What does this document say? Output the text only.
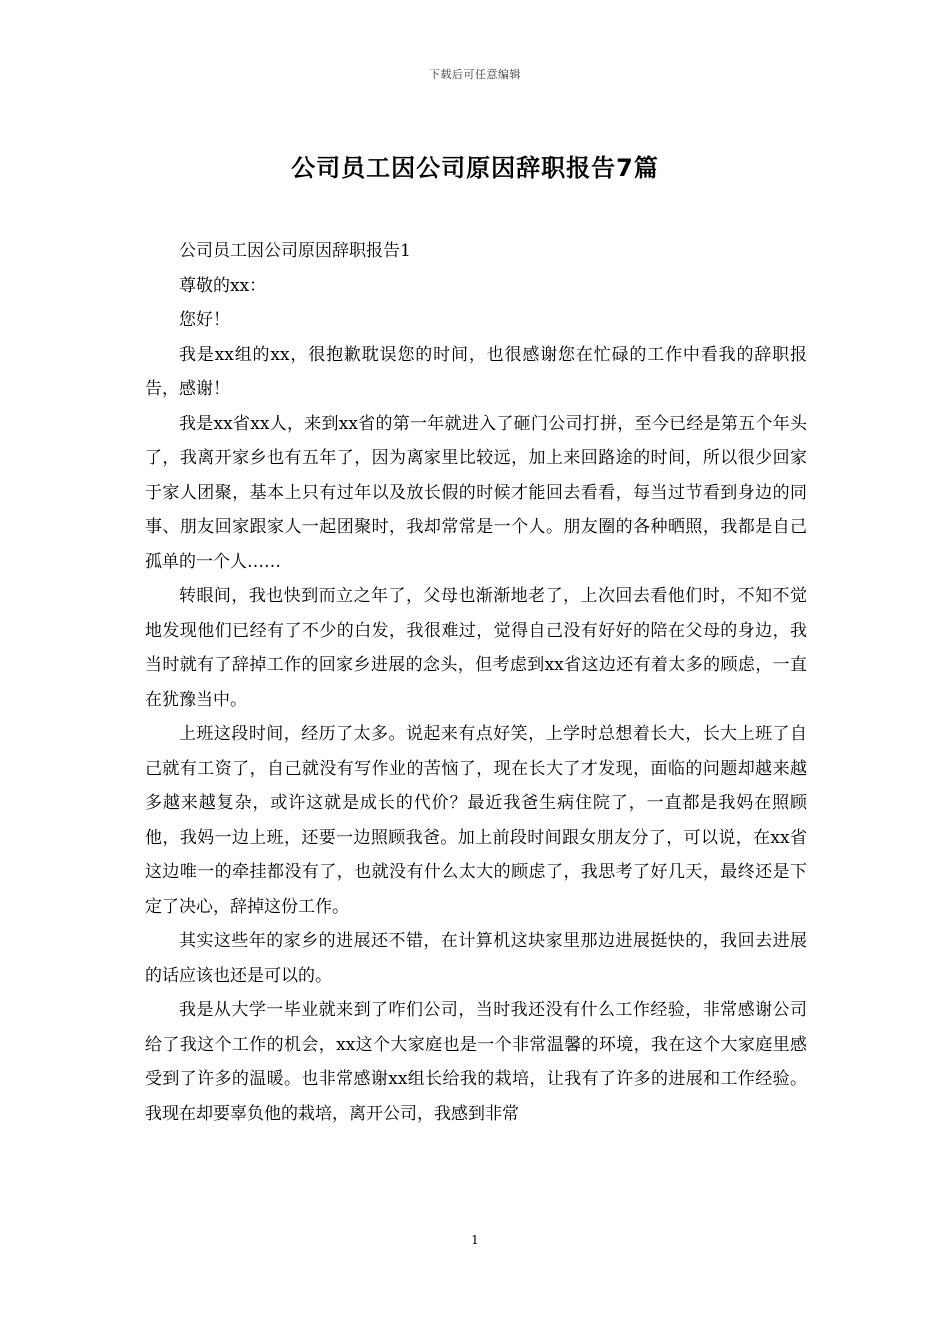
下载后可任意编辑
公司员工因公司原因辞职报告7篇

公司员工因公司原因辞职报告1

尊敬的xx：

您好！

我是xx组的xx，很抱歉耽误您的时间，也很感谢您在忙碌的工作中看我的辞职报告，感谢！

我是xx省xx人，来到xx省的第一年就进入了砸门公司打拼，至今已经是第五个年头了，我离开家乡也有五年了，因为离家里比较远，加上来回路途的时间，所以很少回家于家人团聚，基本上只有过年以及放长假的时候才能回去看看，每当过节看到身边的同事、朋友回家跟家人一起团聚时，我却常常是一个人。朋友圈的各种晒照，我都是自己孤单的一个人……

转眼间，我也快到而立之年了，父母也渐渐地老了，上次回去看他们时，不知不觉地发现他们已经有了不少的白发，我很难过，觉得自己没有好好的陪在父母的身边，我当时就有了辞掉工作的回家乡进展的念头，但考虑到xx省这边还有着太多的顾虑，一直在犹豫当中。

上班这段时间，经历了太多。说起来有点好笑，上学时总想着长大，长大上班了自己就有工资了，自己就没有写作业的苦恼了，现在长大了才发现，面临的问题却越来越多越来越复杂，或许这就是成长的代价？最近我爸生病住院了，一直都是我妈在照顾他，我妈一边上班，还要一边照顾我爸。加上前段时间跟女朋友分了，可以说，在xx省这边唯一的牵挂都没有了，也就没有什么太大的顾虑了，我思考了好几天，最终还是下定了决心，辞掉这份工作。

其实这些年的家乡的进展还不错，在计算机这块家里那边进展挺快的，我回去进展的话应该也还是可以的。

我是从大学一毕业就来到了咋们公司，当时我还没有什么工作经验，非常感谢公司给了我这个工作的机会，xx这个大家庭也是一个非常温馨的环境，我在这个大家庭里感受到了许多的温暖。也非常感谢xx组长给我的栽培，让我有了许多的进展和工作经验。我现在却要辜负他的栽培，离开公司，我感到非常

1
